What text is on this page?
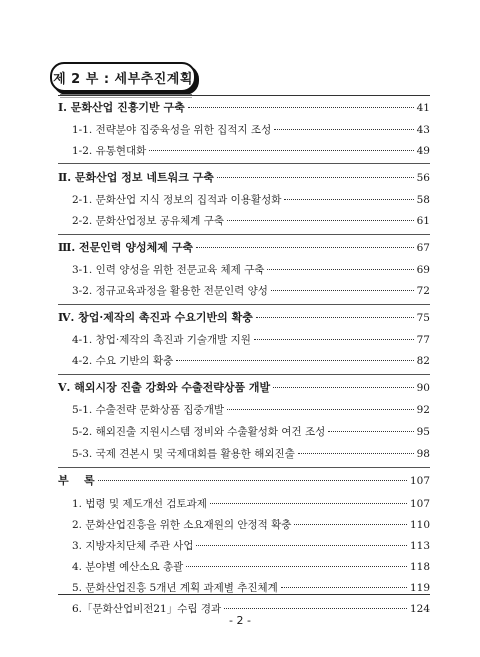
제 2 부 : 세부추진계획
Ⅰ. 문화산업 진흥기반 구축	41
1-1. 전략분야 집중육성을 위한 집적지 조성	43
1-2. 유통현대화	49
Ⅱ. 문화산업 정보 네트워크 구축	56
2-1. 문화산업 지식 정보의 집적과 이용활성화	58
2-2. 문화산업정보 공유체계 구축	61
Ⅲ. 전문인력 양성체제 구축	67
3-1. 인력 양성을 위한 전문교육 체제 구축	69
3-2. 정규교육과정을 활용한 전문인력 양성	72
Ⅳ. 창업·제작의 촉진과 수요기반의 확충	75
4-1. 창업·제작의 촉진과 기술개발 지원	77
4-2. 수요 기반의 확충	82
Ⅴ. 해외시장 진출 강화와 수출전략상품 개발	90
5-1. 수출전략 문화상품 집중개발	92
5-2. 해외진출 지원시스템 정비와 수출활성화 여건 조성	95
5-3. 국제 견본시 및 국제대회를 활용한 해외진출	98
부    록	107
1. 법령 및 제도개선 검토과제	107
2. 문화산업진흥을 위한 소요재원의 안정적 확충	110
3. 지방자치단체 주관 사업	113
4. 분야별 예산소요 총괄	118
5. 문화산업진흥 5개년 계획 과제별 추진체계	119
6.「문화산업비전21」수립 경과	124
- 2 -
